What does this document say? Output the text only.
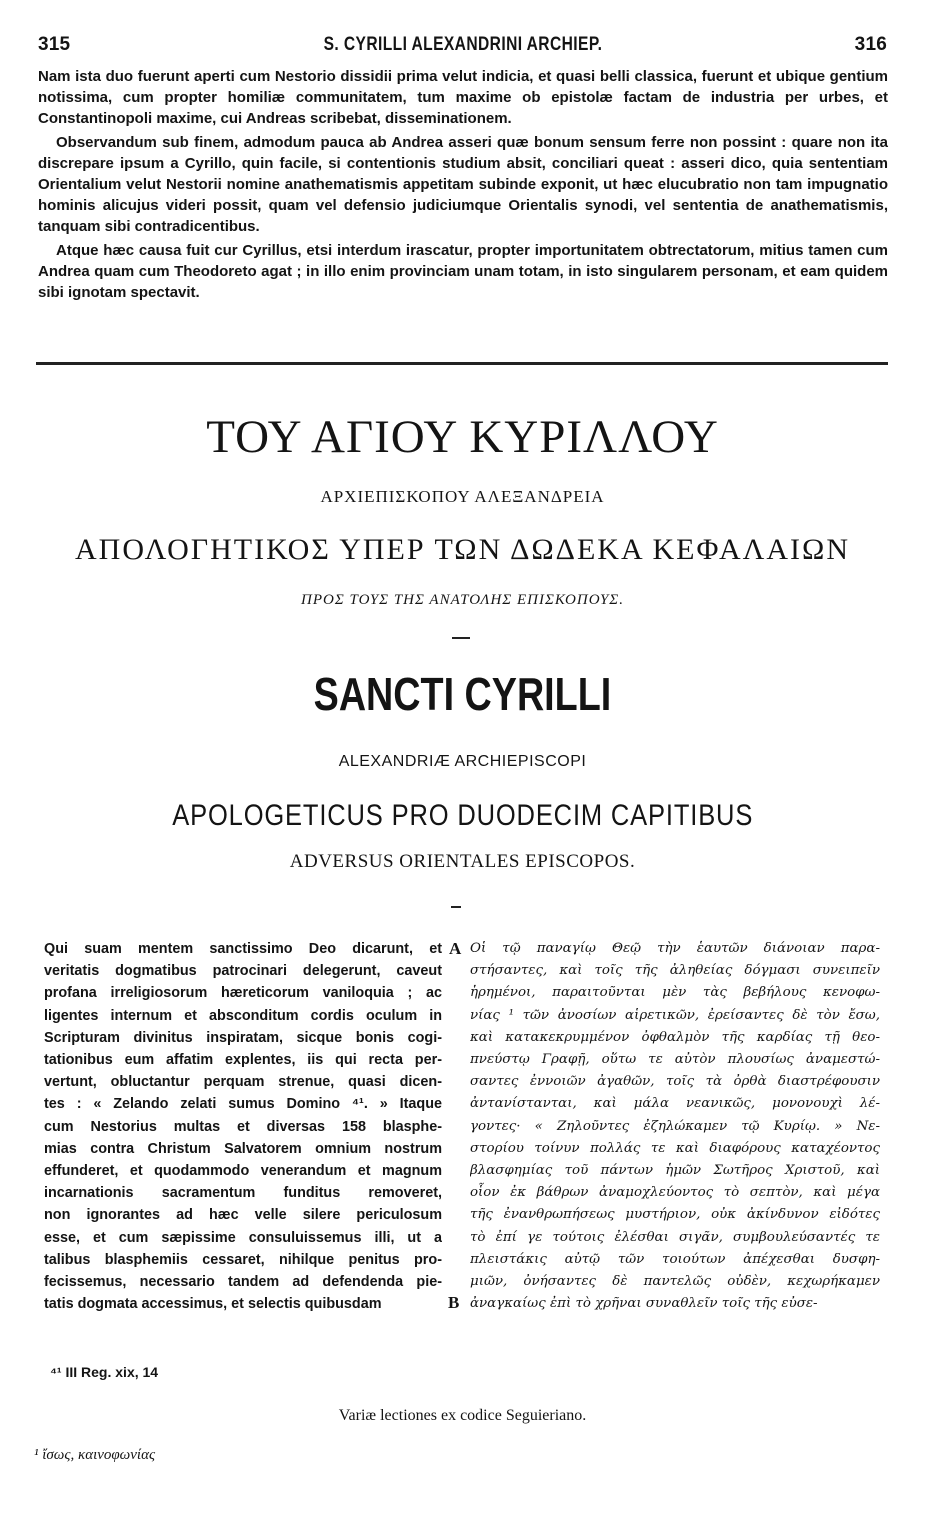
315	S. CYRILLI ALEXANDRINI ARCHIEP.	316

Nam ista duo fuerunt aperti cum Nestorio dissidii prima velut indicia, et quasi belli classica, fuerunt et ubique gentium notissima, cum propter homiliæ communitatem, tum maxime ob epistolæ factam de industria per urbes, et Constantinopoli maxime, cui Andreas scribebat, disseminationem.

Observandum sub finem, admodum pauca ab Andrea asseri quæ bonum sensum ferre non possint : quare non ita discrepare ipsum a Cyrillo, quin facile, si contentionis studium absit, conciliari queat : asseri dico, quia sententiam Orientalium velut Nestorii nomine anathematismis appetitam subinde exponit, ut hæc elucubratio non tam impugnatio hominis alicujus videri possit, quam vel defensio judiciumque Orientalis synodi, vel sententia de anathematismis, tanquam sibi contradicentibus.

Atque hæc causa fuit cur Cyrillus, etsi interdum irascatur, propter importunitatem obtrectatorum, mitius tamen cum Andrea quam cum Theodoreto agat ; in illo enim provinciam unam totam, in isto singularem personam, et eam quidem sibi ignotam spectavit.

ΤΟΥ ΑΓΙΟΥ ΚΥΡΙΛΛΟΥ
ΑΡΧΙΕΠΙΣΚΟΠΟΥ ΑΛΕΞΑΝΔΡΕΙΑ
ΑΠΟΛΟΓΗΤΙΚΟΣ ΥΠΕΡ ΤΩΝ ΔΩΔΕΚΑ ΚΕΦΑΛΑΙΩΝ
ΠΡΟΣ ΤΟΥΣ ΤΗΣ ΑΝΑΤΟΛΗΣ ΕΠΙΣΚΟΠΟΥΣ.
SANCTI CYRILLI
ALEXANDRIÆ ARCHIEPISCOPI
APOLOGETICUS PRO DUODECIM CAPITIBUS
ADVERSUS ORIENTALES EPISCOPOS.
Qui suam mentem sanctissimo Deo dicarunt, et
veritatis dogmatibus patrocinari delegerunt, caveut
profana irreligiosorum hæreticorum vaniloquia ; ac
ligentes internum et absconditum cordis oculum in
Scripturam divinitus inspiratam, sicque bonis cogi-
tationibus eum affatim explentes, iis qui recta per-
vertunt, obluctantur perquam strenue, quasi dicen-
tes : « Zelando zelati sumus Domino ⁴¹. » Itaque
cum Nestorius multas et diversas 158 blasphe-
mias contra Christum Salvatorem omnium nostrum
effunderet, et quodammodo venerandum et magnum
incarnationis sacramentum funditus removeret,
non ignorantes ad hæc velle silere periculosum
esse, et cum sæpissime consuluissemus illi, ut a
talibus blasphemiis cessaret, nihilque penitus pro-
fecissemus, necessario tandem ad defendenda pie-
tatis dogmata accessimus, et selectis quibusdam
A
B
Οἱ τῷ παναγίῳ Θεῷ τὴν ἑαυτῶν διάνοιαν παρα-
στήσαντες, καὶ τοῖς τῆς ἀληθείας δόγμασι συνειπεῖν
ἡρημένοι, παραιτοῦνται μὲν τὰς βεβήλους κενοφω-
νίας ¹ τῶν ἀνοσίων αἱρετικῶν, ἐρείσαντες δὲ τὸν ἔσω,
καὶ κατακεκρυμμένον ὀφθαλμὸν τῆς καρδίας τῇ θεο-
πνεύστῳ Γραφῇ, οὕτω τε αὐτὸν πλουσίως ἀναμεστώ-
σαντες ἐννοιῶν ἀγαθῶν, τοῖς τὰ ὀρθὰ διαστρέφουσιν
ἀντανίστανται, καὶ μάλα νεανικῶς, μονονουχὶ λέ-
γοντες· « Ζηλοῦντες ἐζηλώκαμεν τῷ Κυρίῳ. » Νε-
στορίου τοίνυν πολλάς τε καὶ διαφόρους καταχέοντος
βλασφημίας τοῦ πάντων ἡμῶν Σωτῆρος Χριστοῦ, καὶ
οἷον ἐκ βάθρων ἀναμοχλεύοντος τὸ σεπτὸν, καὶ μέγα
τῆς ἐνανθρωπήσεως μυστήριον, οὐκ ἀκίνδυνον εἰδότες
τὸ ἐπί γε τούτοις ἐλέσθαι σιγᾶν, συμβουλεύσαντές τε
πλειστάκις αὐτῷ τῶν τοιούτων ἀπέχεσθαι δυσφη-
μιῶν, ὀνήσαντες δὲ παντελῶς οὐδὲν, κεχωρήκαμεν
ἀναγκαίως ἐπὶ τὸ χρῆναι συναθλεῖν τοῖς τῆς εὐσε-
⁴¹ III Reg. xix, 14
Variæ lectiones ex codice Seguieriano.
¹ ἴσως, καινοφωνίας
